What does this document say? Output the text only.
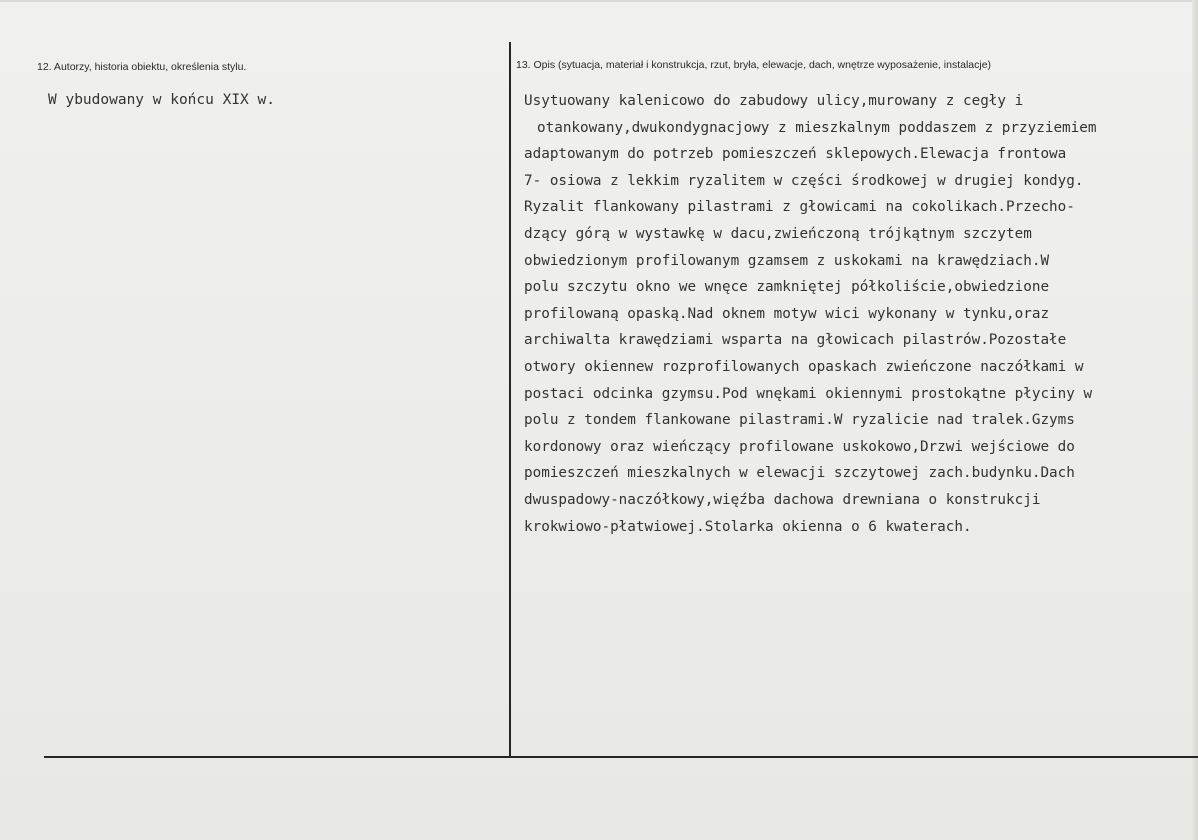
12. Autorzy, historia obiektu, określenia stylu.
W ybudowany w końcu XIX w.
13. Opis (sytuacja, materiał i konstrukcja, rzut, bryła, elewacje, dach, wnętrze wyposażenie, instalacje)
Usytuowany kalenicowo do zabudowy ulicy,murowany z cegły i
otankowany,dwukondygnacjowy z mieszkalnym poddaszem z przyziemiem
adaptowanym do potrzeb pomieszczeń sklepowych.Elewacja frontowa
7- osiowa z lekkim ryzalitem w części środkowej w drugiej kondyg.
Ryzalit flankowany pilastrami z głowicami na cokolikach.Przecho-
dzący górą w wystawkę w dacu,zwieńczoną trójkątnym szczytem
obwiedzionym profilowanym gzamsem z uskokami na krawędziach.W
polu szczytu okno we wnęce zamkniętej półkoliście,obwiedzione
profilowaną opaską.Nad oknem motyw wici wykonany w tynku,oraz
archiwalta krawędziami wsparta na głowicach pilastrów.Pozostałe
otwory okiennew rozprofilowanych opaskach zwieńczone naczółkami w
postaci odcinka gzymsu.Pod wnękami okiennymi prostokątne płyciny w
polu z tondem flankowane pilastrami.W ryzalicie nad tralek.Gzyms
kordonowy oraz wieńczący profilowane uskokowo,Drzwi wejściowe do
pomieszczeń mieszkalnych w elewacji szczytowej zach.budynku.Dach
dwuspadowy-naczółkowy,więźba dachowa drewniana o konstrukcji
krokwiowo-płatwiowej.Stolarka okienna o 6 kwaterach.
